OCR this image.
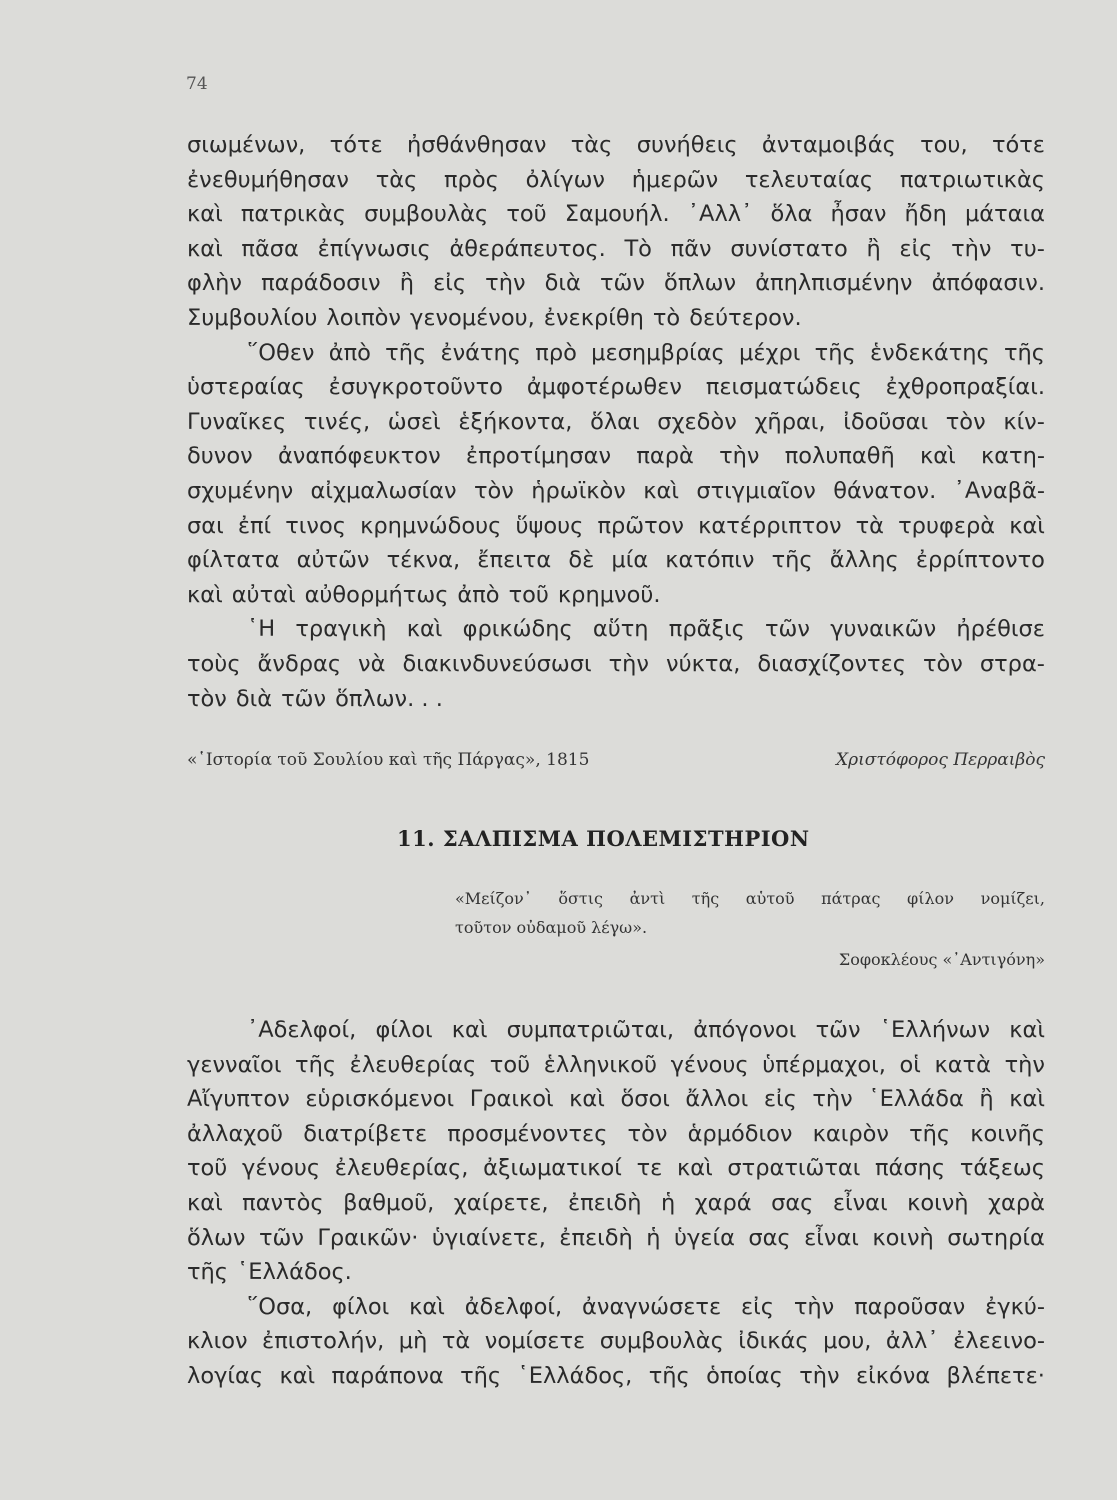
74
σιωμένων, τότε ἠσθάνθησαν τὰς συνήθεις ἀνταμοιβάς του, τότε
ἐνεθυμήθησαν τὰς πρὸς ὀλίγων ἡμερῶν τελευταίας πατριωτικὰς
καὶ πατρικὰς συμβουλὰς τοῦ Σαμουήλ. ᾿Αλλ᾿ ὅλα ἦσαν ἤδη μάταια
καὶ πᾶσα ἐπίγνωσις ἀθεράπευτος. Τὸ πᾶν συνίστατο ἢ εἰς τὴν τυ-
φλὴν παράδοσιν ἢ εἰς τὴν διὰ τῶν ὅπλων ἀπηλπισμένην ἀπόφασιν.
Συμβουλίου λοιπὸν γενομένου, ἐνεκρίθη τὸ δεύτερον.
῞Οθεν ἀπὸ τῆς ἐνάτης πρὸ μεσημβρίας μέχρι τῆς ἑνδεκάτης τῆς
ὑστεραίας ἐσυγκροτοῦντο ἀμφοτέρωθεν πεισματώδεις ἐχθροπραξίαι.
Γυναῖκες τινές, ὡσεὶ ἑξήκοντα, ὅλαι σχεδὸν χῆραι, ἰδοῦσαι τὸν κίν-
δυνον ἀναπόφευκτον ἐπροτίμησαν παρὰ τὴν πολυπαθῆ καὶ κατη-
σχυμένην αἰχμαλωσίαν τὸν ἡρωϊκὸν καὶ στιγμιαῖον θάνατον. ᾿Αναβᾶ-
σαι ἐπί τινος κρημνώδους ὕψους πρῶτον κατέρριπτον τὰ τρυφερὰ καὶ
φίλτατα αὐτῶν τέκνα, ἔπειτα δὲ μία κατόπιν τῆς ἄλλης ἐρρίπτοντο
καὶ αὐταὶ αὐθορμήτως ἀπὸ τοῦ κρημνοῦ.
῾Η τραγικὴ καὶ φρικώδης αὕτη πρᾶξις τῶν γυναικῶν ἠρέθισε
τοὺς ἄνδρας νὰ διακινδυνεύσωσι τὴν νύκτα, διασχίζοντες τὸν στρα-
τὸν διὰ τῶν ὅπλων. . .
«῾Ιστορία τοῦ Σουλίου καὶ τῆς Πάργας», 1815	Χριστόφορος Περραιβὸς
11. ΣΑΛΠΙΣΜΑ ΠΟΛΕΜΙΣΤΗΡΙΟΝ
«Μείζον᾿ ὅστις ἀντὶ τῆς αὑτοῦ πάτρας φίλον νομίζει,
τοῦτον οὐδαμοῦ λέγω».
Σοφοκλέους «᾿Αντιγόνη»
᾿Αδελφοί, φίλοι καὶ συμπατριῶται, ἀπόγονοι τῶν ῾Ελλήνων καὶ
γενναῖοι τῆς ἐλευθερίας τοῦ ἑλληνικοῦ γένους ὑπέρμαχοι, οἱ κατὰ τὴν
Αἴγυπτον εὑρισκόμενοι Γραικοὶ καὶ ὅσοι ἄλλοι εἰς τὴν ῾Ελλάδα ἢ καὶ
ἀλλαχοῦ διατρίβετε προσμένοντες τὸν ἁρμόδιον καιρὸν τῆς κοινῆς
τοῦ γένους ἐλευθερίας, ἀξιωματικοί τε καὶ στρατιῶται πάσης τάξεως
καὶ παντὸς βαθμοῦ, χαίρετε, ἐπειδὴ ἡ χαρά σας εἶναι κοινὴ χαρὰ
ὅλων τῶν Γραικῶν· ὑγιαίνετε, ἐπειδὴ ἡ ὑγεία σας εἶναι κοινὴ σωτηρία
τῆς ῾Ελλάδος.
῞Οσα, φίλοι καὶ ἀδελφοί, ἀναγνώσετε εἰς τὴν παροῦσαν ἐγκύ-
κλιον ἐπιστολήν, μὴ τὰ νομίσετε συμβουλὰς ἰδικάς μου, ἀλλ᾿ ἐλεεινο-
λογίας καὶ παράπονα τῆς ῾Ελλάδος, τῆς ὁποίας τὴν εἰκόνα βλέπετε·
